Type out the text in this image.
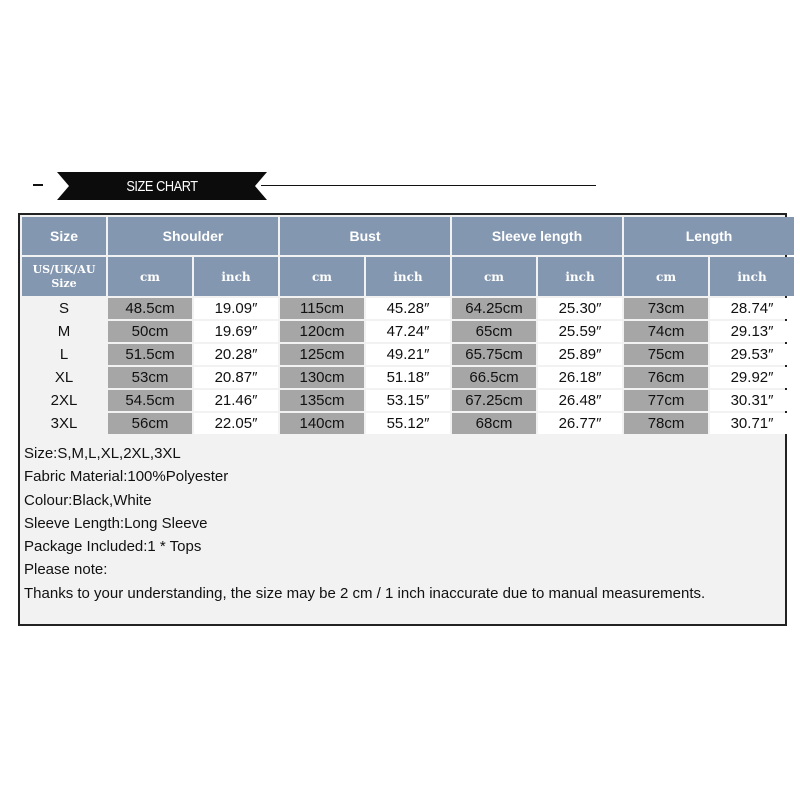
SIZE CHART
Size	Shoulder		Bust		Sleeve length		Length	

US/UK/AU
Size	cm	inch	cm	inch	cm	inch	cm	inch
S	48.5cm	19.09″	115cm	45.28″	64.25cm	25.30″	73cm	28.74″
M	50cm	19.69″	120cm	47.24″	65cm	25.59″	74cm	29.13″
L	51.5cm	20.28″	125cm	49.21″	65.75cm	25.89″	75cm	29.53″
XL	53cm	20.87″	130cm	51.18″	66.5cm	26.18″	76cm	29.92″
2XL	54.5cm	21.46″	135cm	53.15″	67.25cm	26.48″	77cm	30.31″
3XL	56cm	22.05″	140cm	55.12″	68cm	26.77″	78cm	30.71″
Size:S,M,L,XL,2XL,3XL
Fabric Material:100%Polyester
Colour:Black,White
Sleeve Length:Long Sleeve
Package Included:1 * Tops
Please note:
Thanks to your understanding, the size may be 2 cm / 1 inch inaccurate due to manual measurements.
